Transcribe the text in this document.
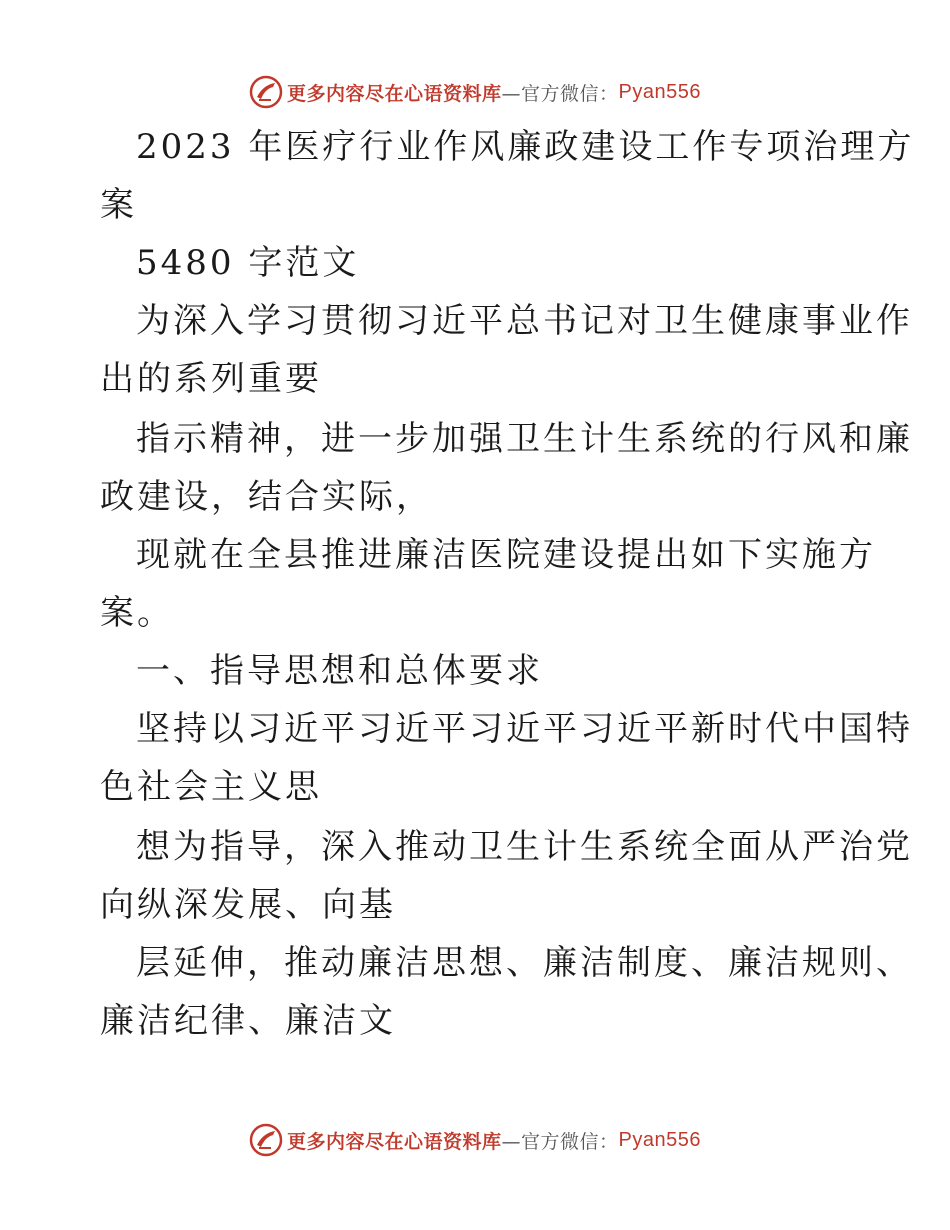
更多内容尽在心语资料库 —官方微信： Pyan556
2023 年医疗行业作风廉政建设工作专项治理方
案
5480 字范文
为深入学习贯彻习近平总书记对卫生健康事业作
出的系列重要
指示精神，进一步加强卫生计生系统的行风和廉
政建设，结合实际，
现就在全县推进廉洁医院建设提出如下实施方
案。
一、指导思想和总体要求
坚持以习近平习近平习近平习近平新时代中国特
色社会主义思
想为指导，深入推动卫生计生系统全面从严治党
向纵深发展、向基
层延伸，推动廉洁思想、廉洁制度、廉洁规则、
廉洁纪律、廉洁文
更多内容尽在心语资料库 —官方微信： Pyan556
